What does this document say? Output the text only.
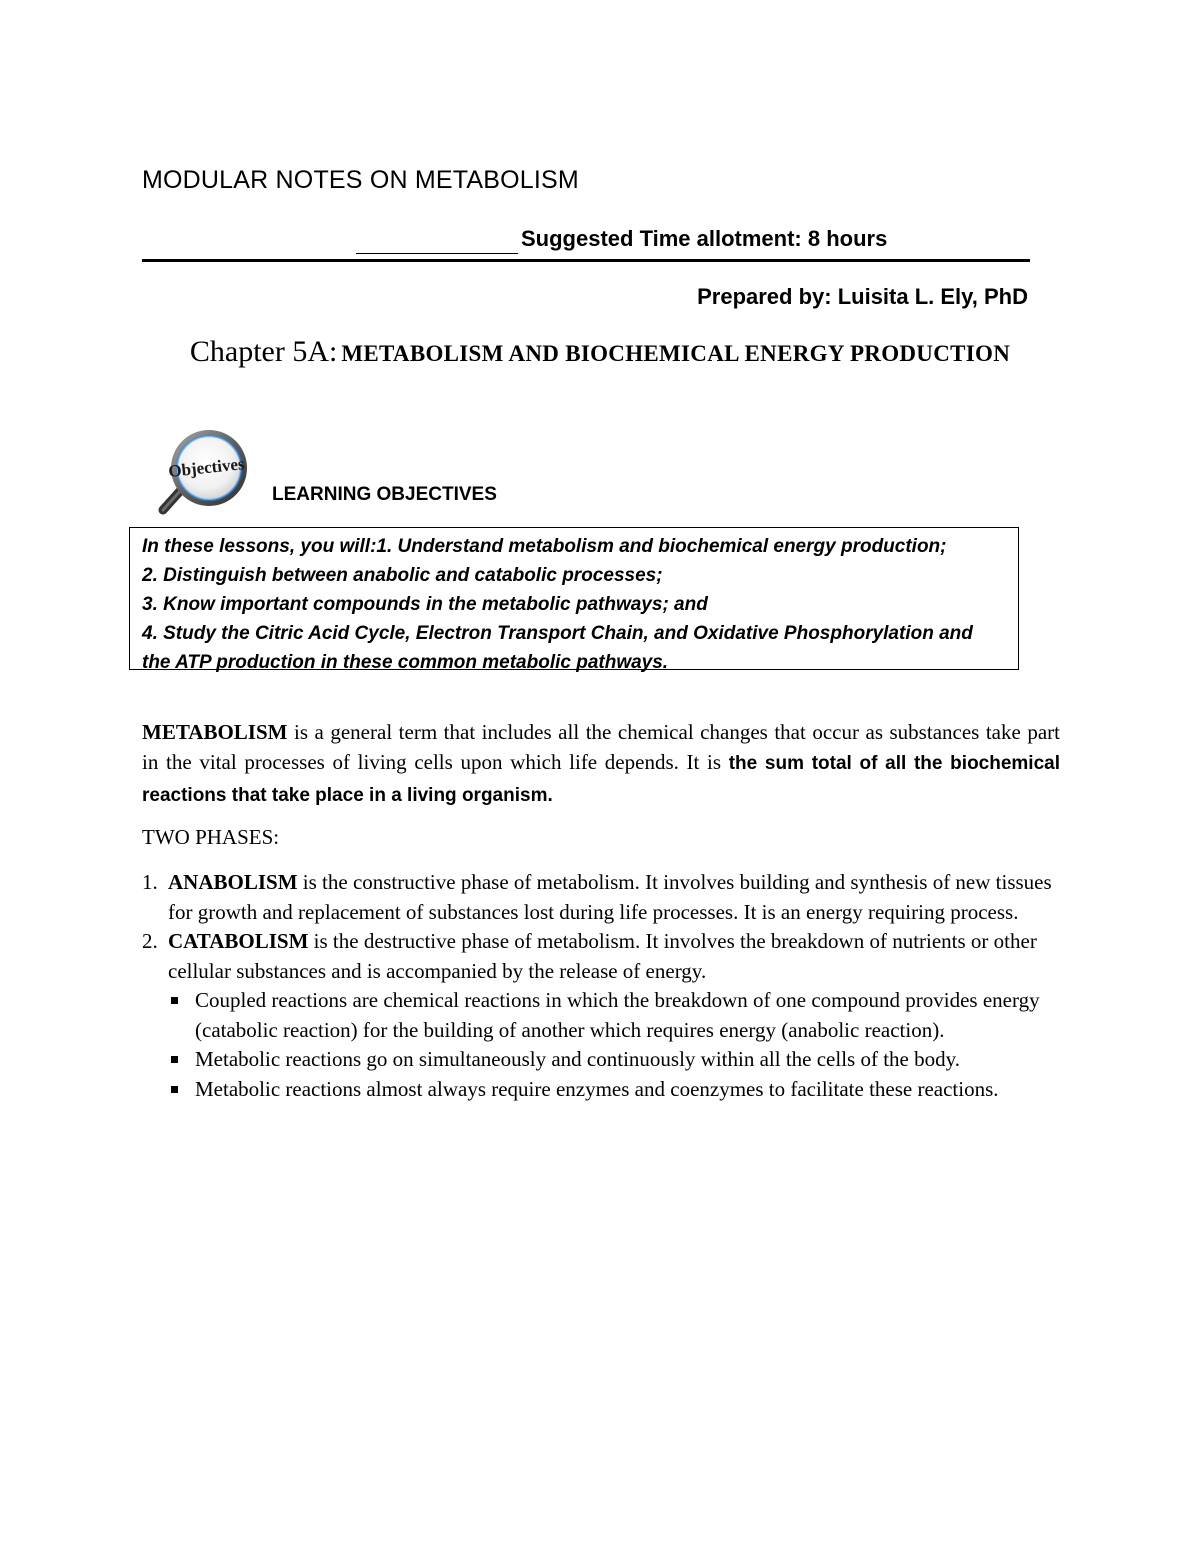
MODULAR NOTES ON METABOLISM
Suggested Time allotment: 8 hours
Prepared by: Luisita L. Ely, PhD
Chapter 5A: METABOLISM AND BIOCHEMICAL ENERGY PRODUCTION
Objectives
LEARNING OBJECTIVES
In these lessons, you will:1. Understand metabolism and biochemical energy production;
2. Distinguish between anabolic and catabolic processes;
3. Know important compounds in the metabolic pathways; and
4. Study the Citric Acid Cycle, Electron Transport Chain, and Oxidative Phosphorylation and
the ATP production in these common metabolic pathways.
METABOLISM is a general term that includes all the chemical changes that occur as substances take part in the vital processes of living cells upon which life depends. It is the sum total of all the biochemical reactions that take place in a living organism.
TWO PHASES:
1. ANABOLISM is the constructive phase of metabolism. It involves building and synthesis of new tissues for growth and replacement of substances lost during life processes. It is an energy requiring process.
2. CATABOLISM is the destructive phase of metabolism. It involves the breakdown of nutrients or other cellular substances and is accompanied by the release of energy.
Coupled reactions are chemical reactions in which the breakdown of one compound provides energy (catabolic reaction) for the building of another which requires energy (anabolic reaction).
Metabolic reactions go on simultaneously and continuously within all the cells of the body.
Metabolic reactions almost always require enzymes and coenzymes to facilitate these reactions.
